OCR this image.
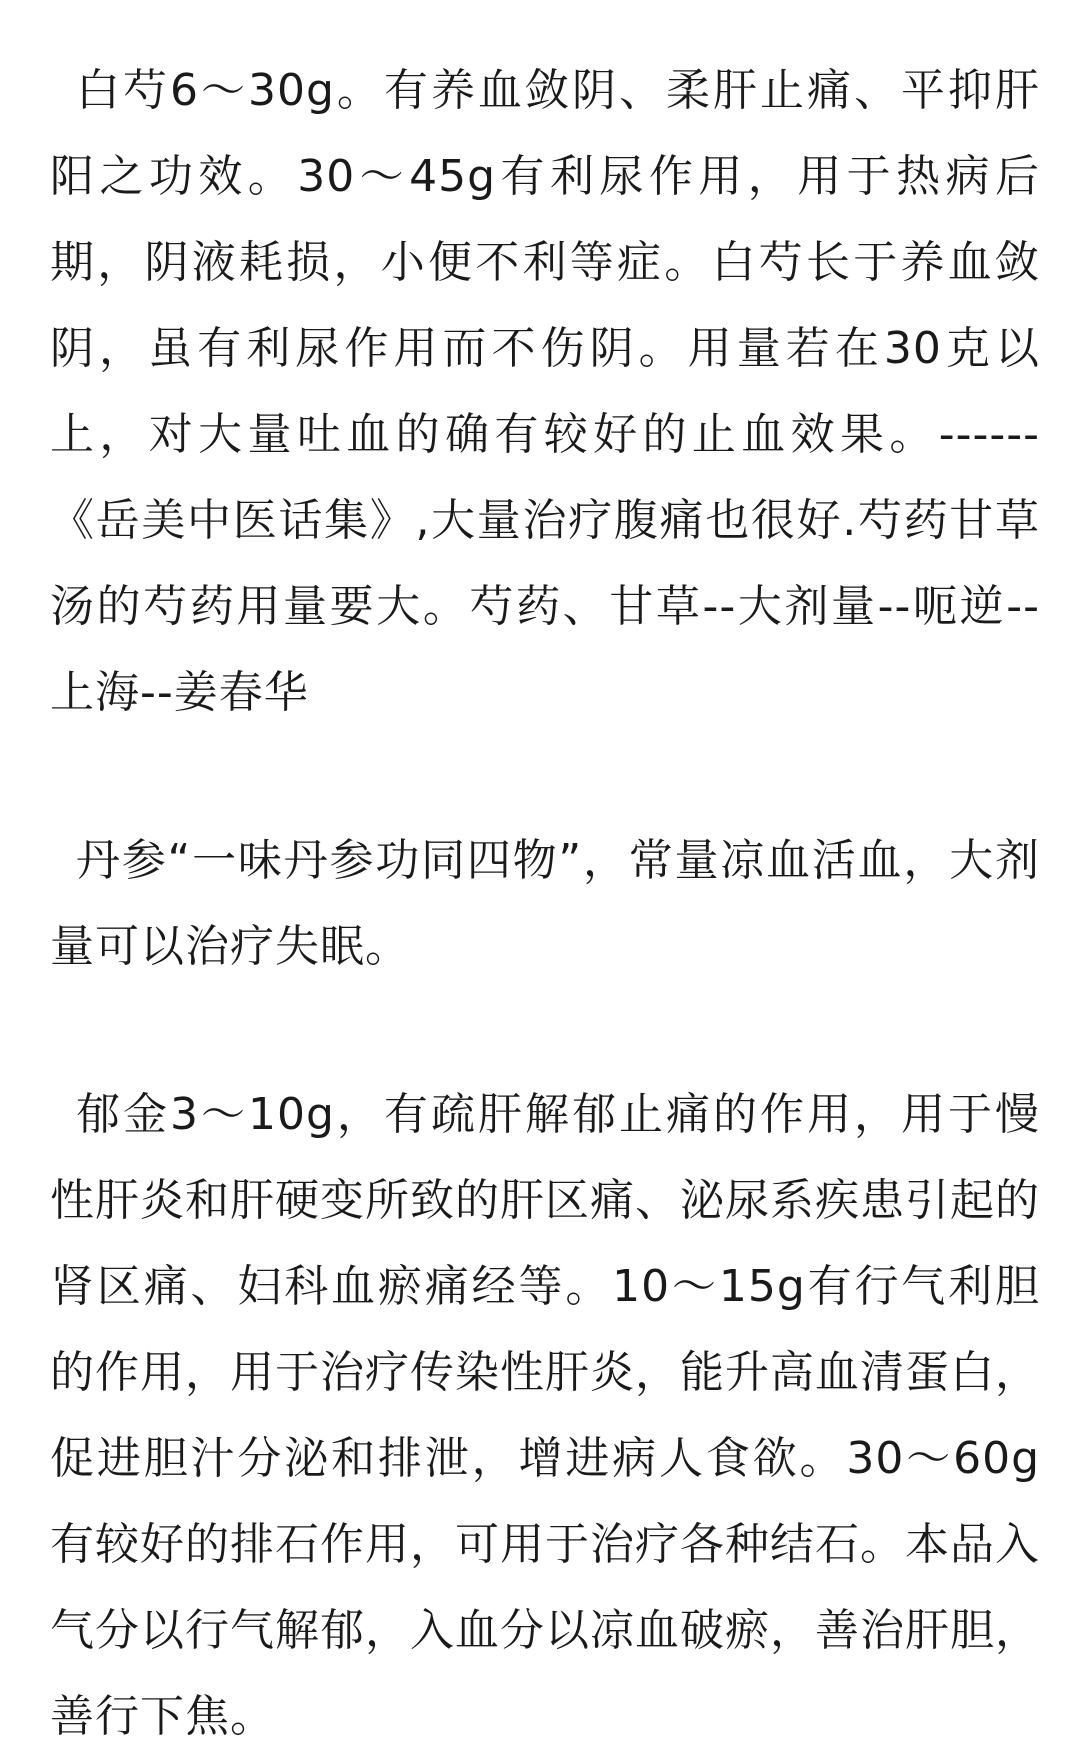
白芍6～30g。有养血敛阴、柔肝止痛、平抑肝阳之功效。30～45g有利尿作用，用于热病后期，阴液耗损，小便不利等症。白芍长于养血敛阴，虽有利尿作用而不伤阴。用量若在30克以上，对大量吐血的确有较好的止血效果。------《岳美中医话集》,大量治疗腹痛也很好.芍药甘草汤的芍药用量要大。芍药、甘草--大剂量--呃逆--上海--姜春华

丹参“一味丹参功同四物”，常量凉血活血，大剂量可以治疗失眠。

郁金3～10g，有疏肝解郁止痛的作用，用于慢性肝炎和肝硬变所致的肝区痛、泌尿系疾患引起的肾区痛、妇科血瘀痛经等。10～15g有行气利胆的作用，用于治疗传染性肝炎，能升高血清蛋白，促进胆汁分泌和排泄，增进病人食欲。30～60g有较好的排石作用，可用于治疗各种结石。本品入气分以行气解郁，入血分以凉血破瘀，善治肝胆，善行下焦。
